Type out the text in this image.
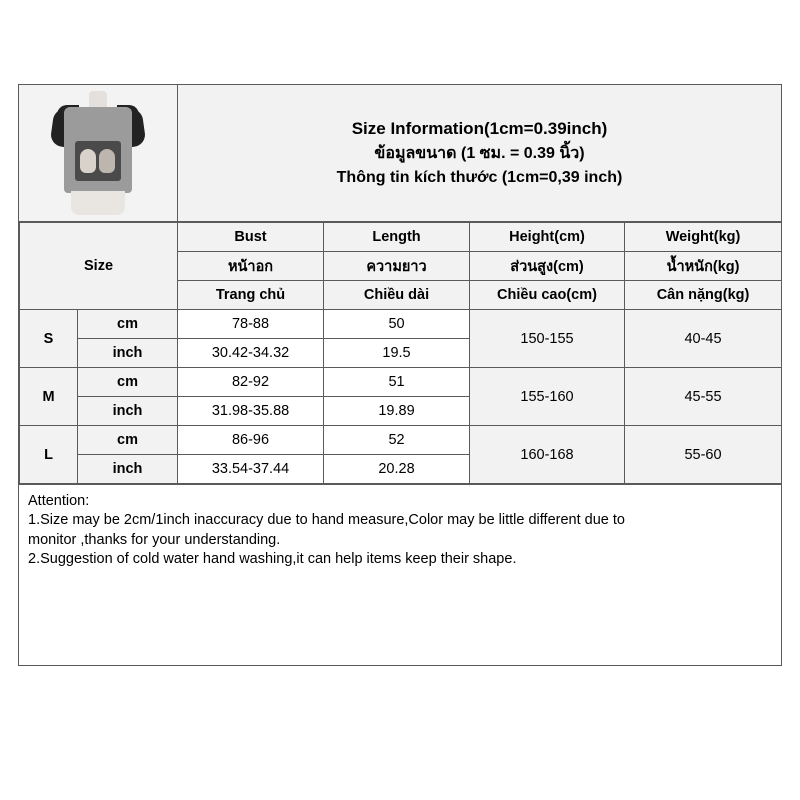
Size Information(1cm=0.39inch)
ข้อมูลขนาด (1 ซม. = 0.39 นิ้ว)
Thông tin kích thước (1cm=0,39 inch)
Size		Bust	Length	Height(cm)	Weight(kg)
		หน้าอก	ความยาว	ส่วนสูง(cm)	น้ำหนัก(kg)
		Trang chủ	Chiều dài	Chiều cao(cm)	Cân nặng(kg)
S	cm	78-88	50	150-155	40-45
	inch	30.42-34.32	19.5		
M	cm	82-92	51	155-160	45-55
	inch	31.98-35.88	19.89		
L	cm	86-96	52	160-168	55-60
	inch	33.54-37.44	20.28		
Attention:
1.Size may be 2cm/1inch inaccuracy due to hand measure,Color may be little different due to
monitor ,thanks for your understanding.
2.Suggestion of cold water hand washing,it can help items keep their shape.
